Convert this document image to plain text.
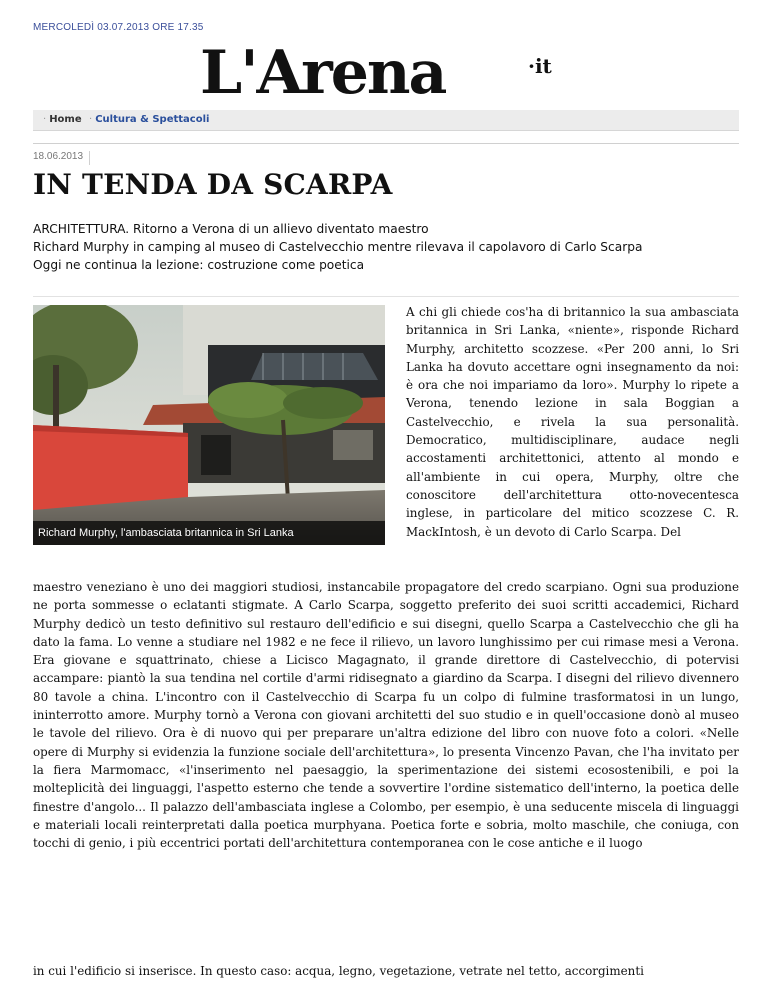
MERCOLEDÌ 03.07.2013 ORE 17.35
L'Arena	·it
· Home · Cultura & Spettacoli
18.06.2013
IN TENDA DA SCARPA
ARCHITETTURA. Ritorno a Verona di un allievo diventato maestro
Richard Murphy in camping al museo di Castelvecchio mentre rilevava il capolavoro di Carlo Scarpa
Oggi ne continua la lezione: costruzione come poetica
Richard Murphy, l'ambasciata britannica in Sri Lanka
A chi gli chiede cos'ha di britannico la sua ambasciata britannica in Sri Lanka, «niente», risponde Richard Murphy, architetto scozzese. «Per 200 anni, lo Sri Lanka ha dovuto accettare ogni insegnamento da noi: è ora che noi impariamo da loro». Murphy lo ripete a Verona, tenendo lezione in sala Boggian a Castelvecchio, e rivela la sua personalità. Democratico, multidisciplinare, audace negli accostamenti architettonici, attento al mondo e all'ambiente in cui opera, Murphy, oltre che conoscitore dell'architettura otto-novecentesca inglese, in particolare del mitico scozzese C. R. MackIntosh, è un devoto di Carlo Scarpa. Del
maestro veneziano è uno dei maggiori studiosi, instancabile propagatore del credo scarpiano. Ogni sua produzione ne porta sommesse o eclatanti stigmate. A Carlo Scarpa, soggetto preferito dei suoi scritti accademici, Richard Murphy dedicò un testo definitivo sul restauro dell'edificio e sui disegni, quello Scarpa a Castelvecchio che gli ha dato la fama. Lo venne a studiare nel 1982 e ne fece il rilievo, un lavoro lunghissimo per cui rimase mesi a Verona. Era giovane e squattrinato, chiese a Licisco Magagnato, il grande direttore di Castelvecchio, di potervisi accampare: piantò la sua tendina nel cortile d'armi ridisegnato a giardino da Scarpa. I disegni del rilievo divennero 80 tavole a china. L'incontro con il Castelvecchio di Scarpa fu un colpo di fulmine trasformatosi in un lungo, ininterrotto amore. Murphy tornò a Verona con giovani architetti del suo studio e in quell'occasione donò al museo le tavole del rilievo. Ora è di nuovo qui per preparare un'altra edizione del libro con nuove foto a colori. «Nelle opere di Murphy si evidenzia la funzione sociale dell'architettura», lo presenta Vincenzo Pavan, che l'ha invitato per la fiera Marmomacc, «l'inserimento nel paesaggio, la sperimentazione dei sistemi ecosostenibili, e poi la molteplicità dei linguaggi, l'aspetto esterno che tende a sovvertire l'ordine sistematico dell'interno, la poetica delle finestre d'angolo... Il palazzo dell'ambasciata inglese a Colombo, per esempio, è una seducente miscela di linguaggi e materiali locali reinterpretati dalla poetica murphyana. Poetica forte e sobria, molto maschile, che coniuga, con tocchi di genio, i più eccentrici portati dell'architettura contemporanea con le cose antiche e il luogo
in cui l'edificio si inserisce. In questo caso: acqua, legno, vegetazione, vetrate nel tetto, accorgimenti
